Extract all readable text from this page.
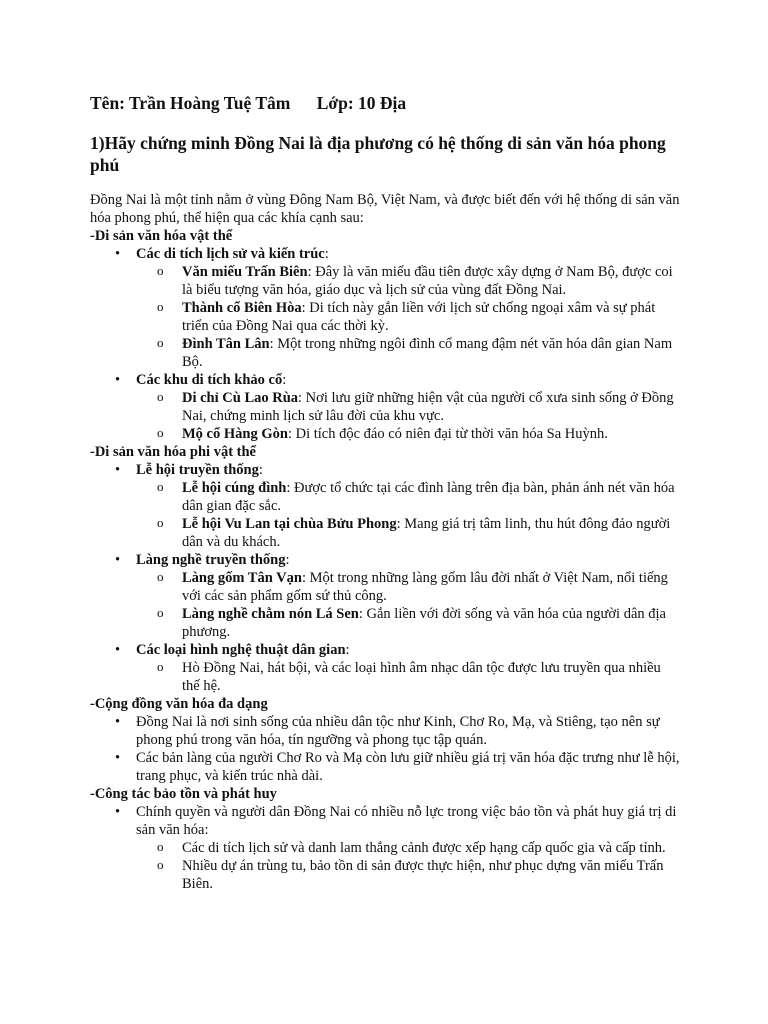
Tên: Trần Hoàng Tuệ Tâm Lớp: 10 Địa
1)Hãy chứng minh Đồng Nai là địa phương có hệ thống di sản văn hóa phong phú

Đồng Nai là một tỉnh nằm ở vùng Đông Nam Bộ, Việt Nam, và được biết đến với hệ thống di sản văn hóa phong phú, thể hiện qua các khía cạnh sau:

-Di sản văn hóa vật thể

• Các di tích lịch sử và kiến trúc:
o Văn miếu Trấn Biên: Đây là văn miếu đầu tiên được xây dựng ở Nam Bộ, được coi là biểu tượng văn hóa, giáo dục và lịch sử của vùng đất Đồng Nai.
o Thành cổ Biên Hòa: Di tích này gắn liền với lịch sử chống ngoại xâm và sự phát triển của Đồng Nai qua các thời kỳ.
o Đình Tân Lân: Một trong những ngôi đình cổ mang đậm nét văn hóa dân gian Nam Bộ.
• Các khu di tích khảo cổ:
o Di chỉ Cù Lao Rùa: Nơi lưu giữ những hiện vật của người cổ xưa sinh sống ở Đồng Nai, chứng minh lịch sử lâu đời của khu vực.
o Mộ cổ Hàng Gòn: Di tích độc đáo có niên đại từ thời văn hóa Sa Huỳnh.

-Di sản văn hóa phi vật thể

• Lễ hội truyền thống:
o Lễ hội cúng đình: Được tổ chức tại các đình làng trên địa bàn, phản ánh nét văn hóa dân gian đặc sắc.
o Lễ hội Vu Lan tại chùa Bửu Phong: Mang giá trị tâm linh, thu hút đông đảo người dân và du khách.
• Làng nghề truyền thống:
o Làng gốm Tân Vạn: Một trong những làng gốm lâu đời nhất ở Việt Nam, nổi tiếng với các sản phẩm gốm sứ thủ công.
o Làng nghề chằm nón Lá Sen: Gắn liền với đời sống và văn hóa của người dân địa phương.
• Các loại hình nghệ thuật dân gian:
o Hò Đồng Nai, hát bội, và các loại hình âm nhạc dân tộc được lưu truyền qua nhiều thế hệ.

-Cộng đồng văn hóa đa dạng

• Đồng Nai là nơi sinh sống của nhiều dân tộc như Kinh, Chơ Ro, Mạ, và Stiêng, tạo nên sự phong phú trong văn hóa, tín ngưỡng và phong tục tập quán.
• Các bản làng của người Chơ Ro và Mạ còn lưu giữ nhiều giá trị văn hóa đặc trưng như lễ hội, trang phục, và kiến trúc nhà dài.

-Công tác bảo tồn và phát huy

• Chính quyền và người dân Đồng Nai có nhiều nỗ lực trong việc bảo tồn và phát huy giá trị di sản văn hóa:
o Các di tích lịch sử và danh lam thắng cảnh được xếp hạng cấp quốc gia và cấp tỉnh.
o Nhiều dự án trùng tu, bảo tồn di sản được thực hiện, như phục dựng văn miếu Trấn Biên.
